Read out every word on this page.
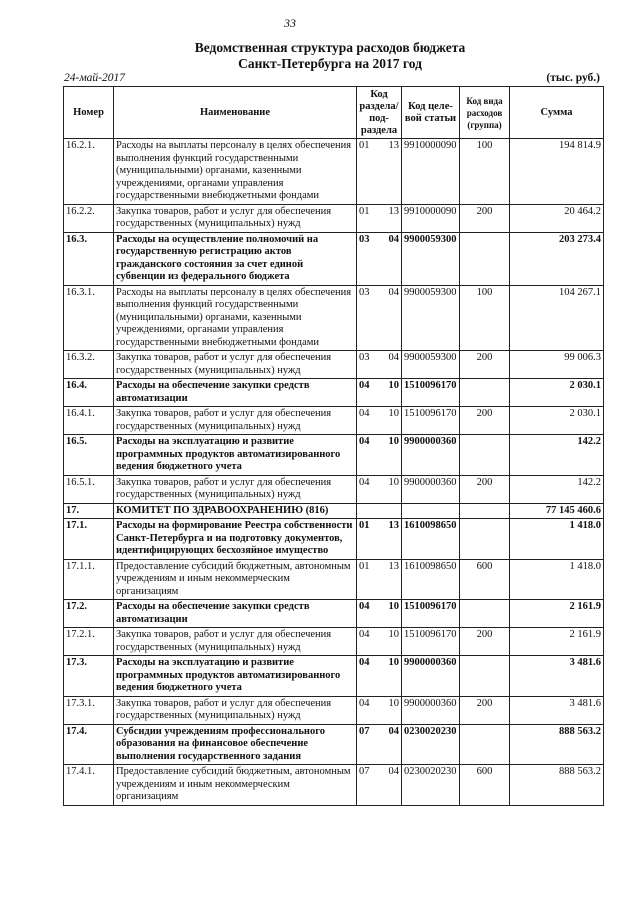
33
Ведомственная структура расходов бюджета
Санкт-Петербурга на 2017 год
24-май-2017	(тыс. руб.)
Номер	Наименование	Код раздела/ под-раздела	Код целе-вой статьи	Код вида расходов (группа)	Сумма
16.2.1.	Расходы на выплаты персоналу в целях обеспечения выполнения функций государственными (муниципальными) органами, казенными учреждениями, органами управления государственными внебюджетными фондами	01 13	9910000090	100	194 814.9
16.2.2.	Закупка товаров, работ и услуг для обеспечения государственных (муниципальных) нужд	01 13	9910000090	200	20 464.2
16.3.	Расходы на осуществление полномочий на государственную регистрацию актов гражданского состояния за счет единой субвенции из федерального бюджета	03 04	9900059300		203 273.4
16.3.1.	Расходы на выплаты персоналу в целях обеспечения выполнения функций государственными (муниципальными) органами, казенными учреждениями, органами управления государственными внебюджетными фондами	03 04	9900059300	100	104 267.1
16.3.2.	Закупка товаров, работ и услуг для обеспечения государственных (муниципальных) нужд	03 04	9900059300	200	99 006.3
16.4.	Расходы на обеспечение закупки средств автоматизации	04 10	1510096170		2 030.1
16.4.1.	Закупка товаров, работ и услуг для обеспечения государственных (муниципальных) нужд	04 10	1510096170	200	2 030.1
16.5.	Расходы на эксплуатацию и развитие программных продуктов автоматизированного ведения бюджетного учета	04 10	9900000360		142.2
16.5.1.	Закупка товаров, работ и услуг для обеспечения государственных (муниципальных) нужд	04 10	9900000360	200	142.2
17.	КОМИТЕТ ПО ЗДРАВООХРАНЕНИЮ (816)				77 145 460.6
17.1.	Расходы на формирование Реестра собственности Санкт-Петербурга и на подготовку документов, идентифицирующих бесхозяйное имущество	01 13	1610098650		1 418.0
17.1.1.	Предоставление субсидий бюджетным, автономным учреждениям и иным некоммерческим организациям	01 13	1610098650	600	1 418.0
17.2.	Расходы на обеспечение закупки средств автоматизации	04 10	1510096170		2 161.9
17.2.1.	Закупка товаров, работ и услуг для обеспечения государственных (муниципальных) нужд	04 10	1510096170	200	2 161.9
17.3.	Расходы на эксплуатацию и развитие программных продуктов автоматизированного ведения бюджетного учета	04 10	9900000360		3 481.6
17.3.1.	Закупка товаров, работ и услуг для обеспечения государственных (муниципальных) нужд	04 10	9900000360	200	3 481.6
17.4.	Субсидии учреждениям профессионального образования на финансовое обеспечение выполнения государственного задания	07 04	0230020230		888 563.2
17.4.1.	Предоставление субсидий бюджетным, автономным учреждениям и иным некоммерческим организациям	07 04	0230020230	600	888 563.2
